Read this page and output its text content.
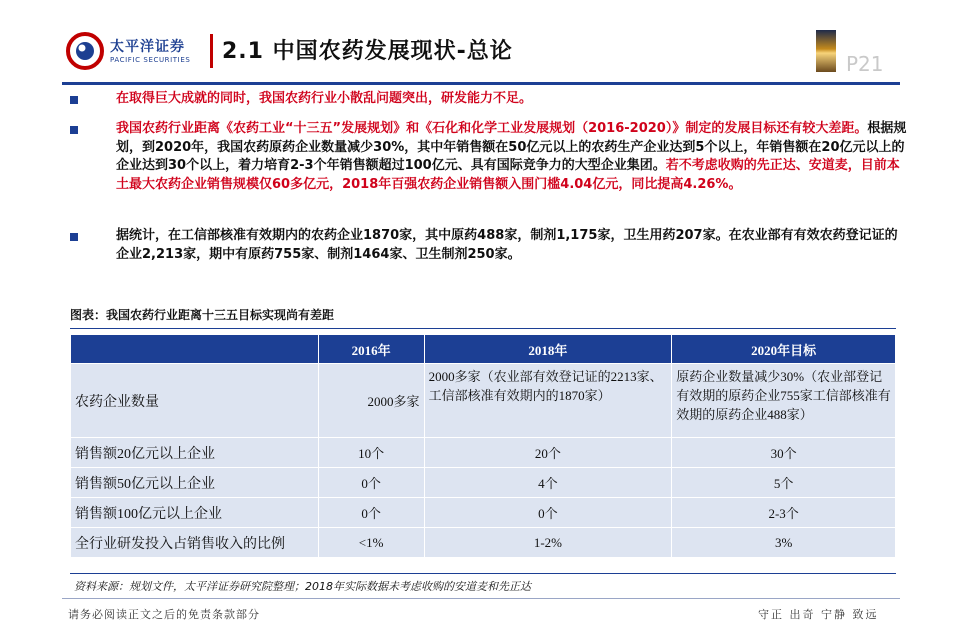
太平洋证券
PACIFIC SECURITIES 2.1 中国农药发展现状-总论	P21
在取得巨大成就的同时，我国农药行业小散乱问题突出，研发能力不足。
我国农药行业距离《农药工业“十三五”发展规划》和《石化和化学工业发展规划（2016-2020）》制定的发展目标还有较大差距。根据规划，到2020年，我国农药原药企业数量减少30%，其中年销售额在50亿元以上的农药生产企业达到5个以上，年销售额在20亿元以上的企业达到30个以上，着力培育2-3个年销售额超过100亿元、具有国际竞争力的大型企业集团。若不考虑收购的先正达、安道麦，目前本土最大农药企业销售规模仅60多亿元，2018年百强农药企业销售额入围门槛4.04亿元，同比提高4.26%。
据统计，在工信部核准有效期内的农药企业1870家，其中原药488家，制剂1,175家，卫生用药207家。在农业部有有效农药登记证的企业2,213家，期中有原药755家、制剂1464家、卫生制剂250家。
图表：我国农药行业距离十三五目标实现尚有差距
	2016年	2018年	2020年目标
农药企业数量	2000多家	2000多家（农业部有效登记证的2213家、工信部核准有效期内的1870家）	原药企业数量减少30%（农业部登记有效期的原药企业755家工信部核准有效期的原药企业488家）
销售额20亿元以上企业	10个	20个	30个
销售额50亿元以上企业	0个	4个	5个
销售额100亿元以上企业	0个	0个	2-3个
全行业研发投入占销售收入的比例	<1%	1-2%	3%
资料来源：规划文件，太平洋证券研究院整理；2018年实际数据未考虑收购的安道麦和先正达
请务必阅读正文之后的免责条款部分	守正 出奇 宁静 致远
